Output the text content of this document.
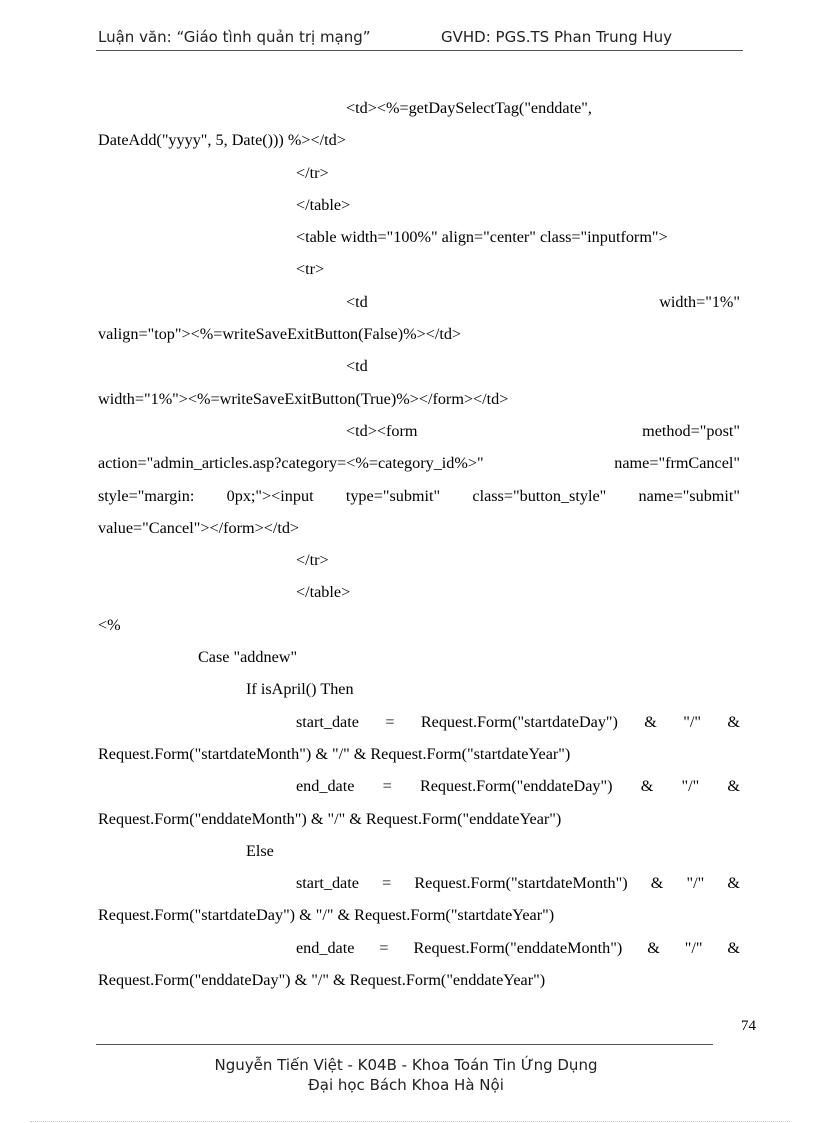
Luận văn: “Giáo tình quản trị mạng”	GVHD: PGS.TS Phan Trung Huy
<td><%=getDaySelectTag("enddate",
DateAdd("yyyy", 5, Date())) %></td>
</tr>
</table>
<table width="100%" align="center" class="inputform">
<tr>
<td width="1%"
valign="top"><%=writeSaveExitButton(False)%></td>
<td
width="1%"><%=writeSaveExitButton(True)%></form></td>
<td><form method="post"
action="admin_articles.asp?category=<%=category_id%>" name="frmCancel"
style="margin: 0px;"><input type="submit" class="button_style" name="submit"
value="Cancel"></form></td>
</tr>
</table>
<%
Case "addnew"
If isApril() Then
start_date = Request.Form("startdateDay") & "/" &
Request.Form("startdateMonth") & "/" & Request.Form("startdateYear")
end_date = Request.Form("enddateDay") & "/" &
Request.Form("enddateMonth") & "/" & Request.Form("enddateYear")
Else
start_date = Request.Form("startdateMonth") & "/" &
Request.Form("startdateDay") & "/" & Request.Form("startdateYear")
end_date = Request.Form("enddateMonth") & "/" &
Request.Form("enddateDay") & "/" & Request.Form("enddateYear")
74
Nguyễn Tiến Việt - K04B - Khoa Toán Tin Ứng Dụng
Đại học Bách Khoa Hà Nội
